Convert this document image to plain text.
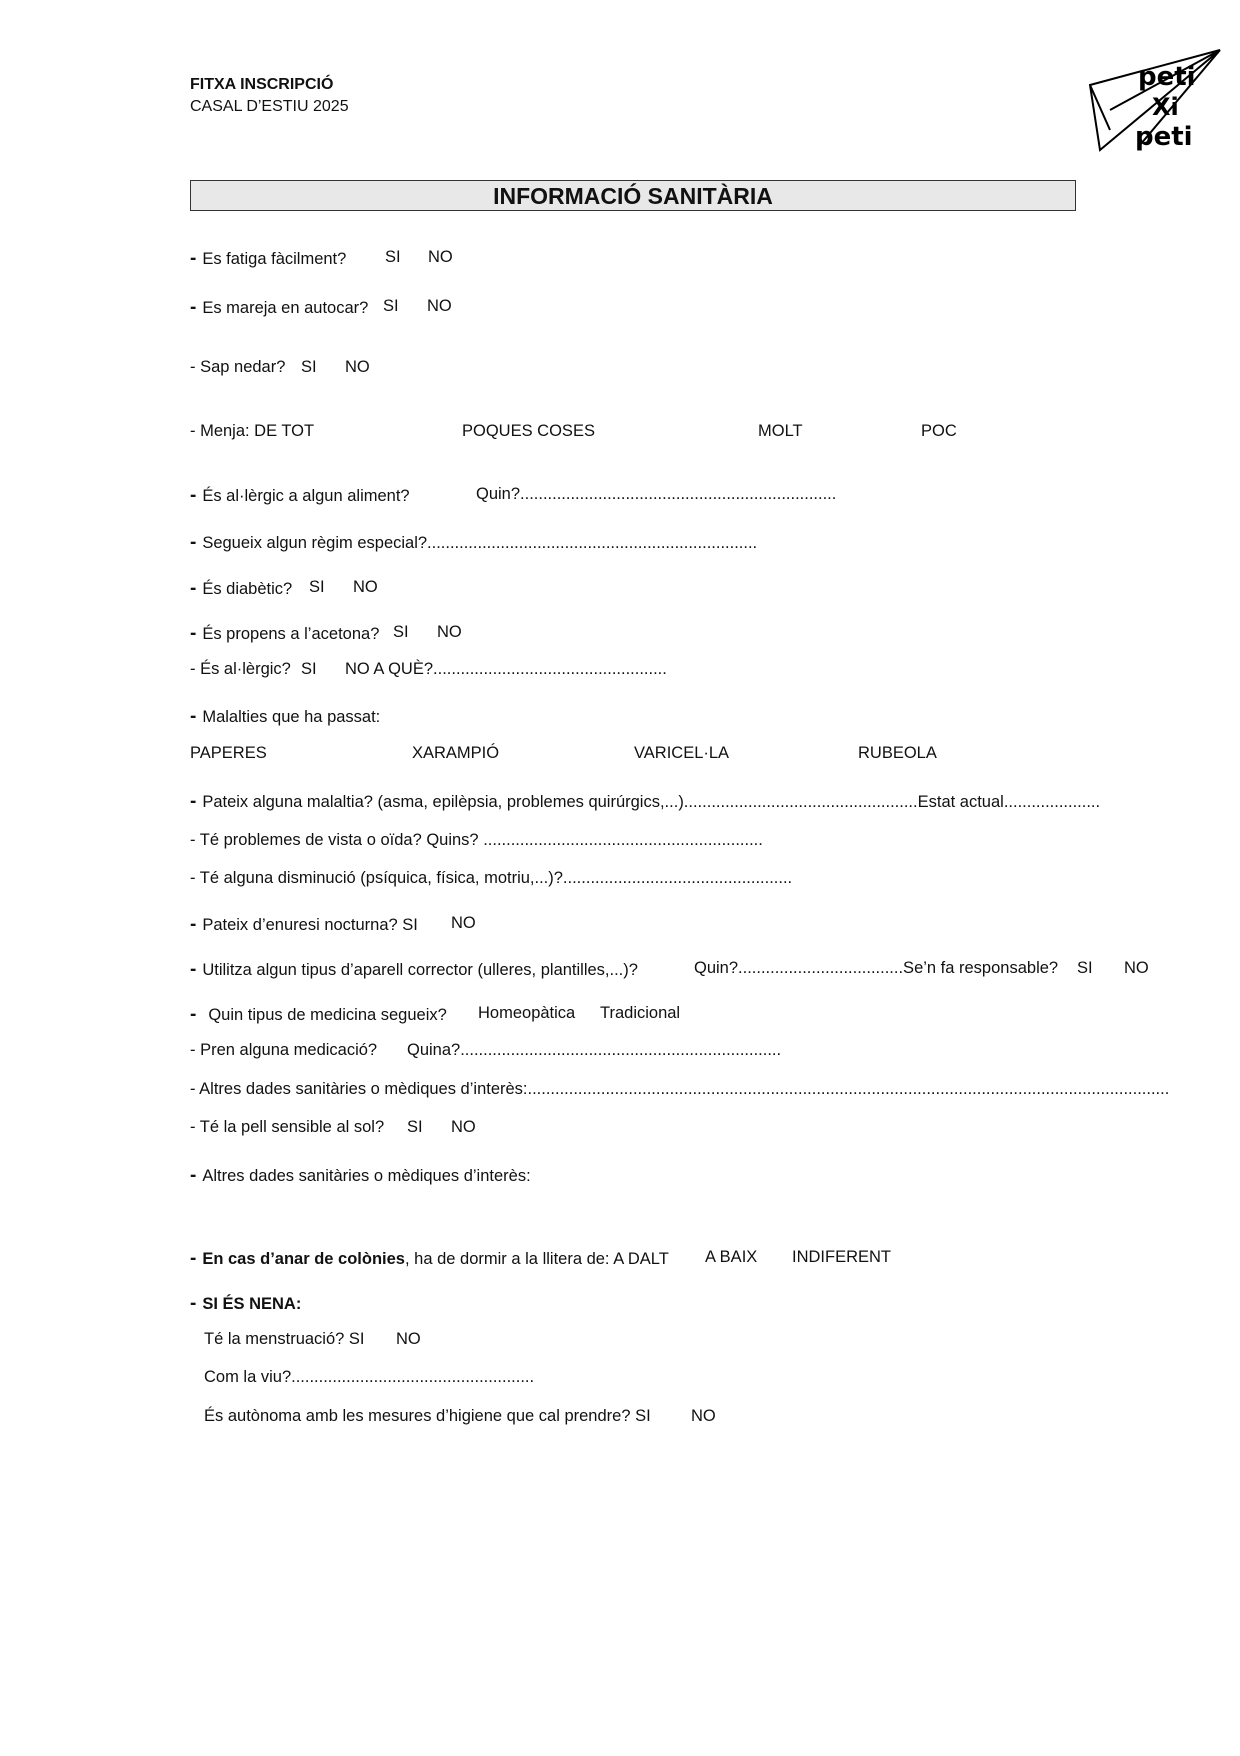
FITXA INSCRIPCIÓ
CASAL D’ESTIU 2025
peti
Xi
peti
INFORMACIÓ SANITÀRIA
- Es fatiga fàcilment? SI NO
- Es mareja en autocar? SI NO
- Sap nedar? SI NO
- Menja: DE TOT	POQUES COSES	MOLT	POC
- És al·lèrgic a algun aliment?	Quin?.....................................................................
- Segueix algun règim especial?........................................................................
- És diabètic? SI NO
- És propens a l’acetona? SI NO
- És al·lèrgic? SI NO A QUÈ?...................................................
- Malalties que ha passat:
PAPERES	XARAMPIÓ	VARICEL·LA	RUBEOLA
- Pateix alguna malaltia? (asma, epilèpsia, problemes quirúrgics,...)...................................................Estat actual.....................
- Té problemes de vista o oïda? Quins? .............................................................
- Té alguna disminució (psíquica, física, motriu,...)?..................................................
- Pateix d’enuresi nocturna? SI NO
- Utilitza algun tipus d’aparell corrector (ulleres, plantilles,...)?	Quin?....................................Se’n fa responsable? SI NO
- Quin tipus de medicina segueix? Homeopàtica Tradicional
- Pren alguna medicació? Quina?......................................................................
- Altres dades sanitàries o mèdiques d’interès:............................................................................................................................................
- Té la pell sensible al sol? SI NO
- Altres dades sanitàries o mèdiques d’interès:
- En cas d’anar de colònies, ha de dormir a la llitera de: A DALT A BAIX INDIFERENT
- SI ÉS NENA:
Té la menstruació? SI NO
Com la viu?.....................................................
És autònoma amb les mesures d’higiene que cal prendre? SI NO
